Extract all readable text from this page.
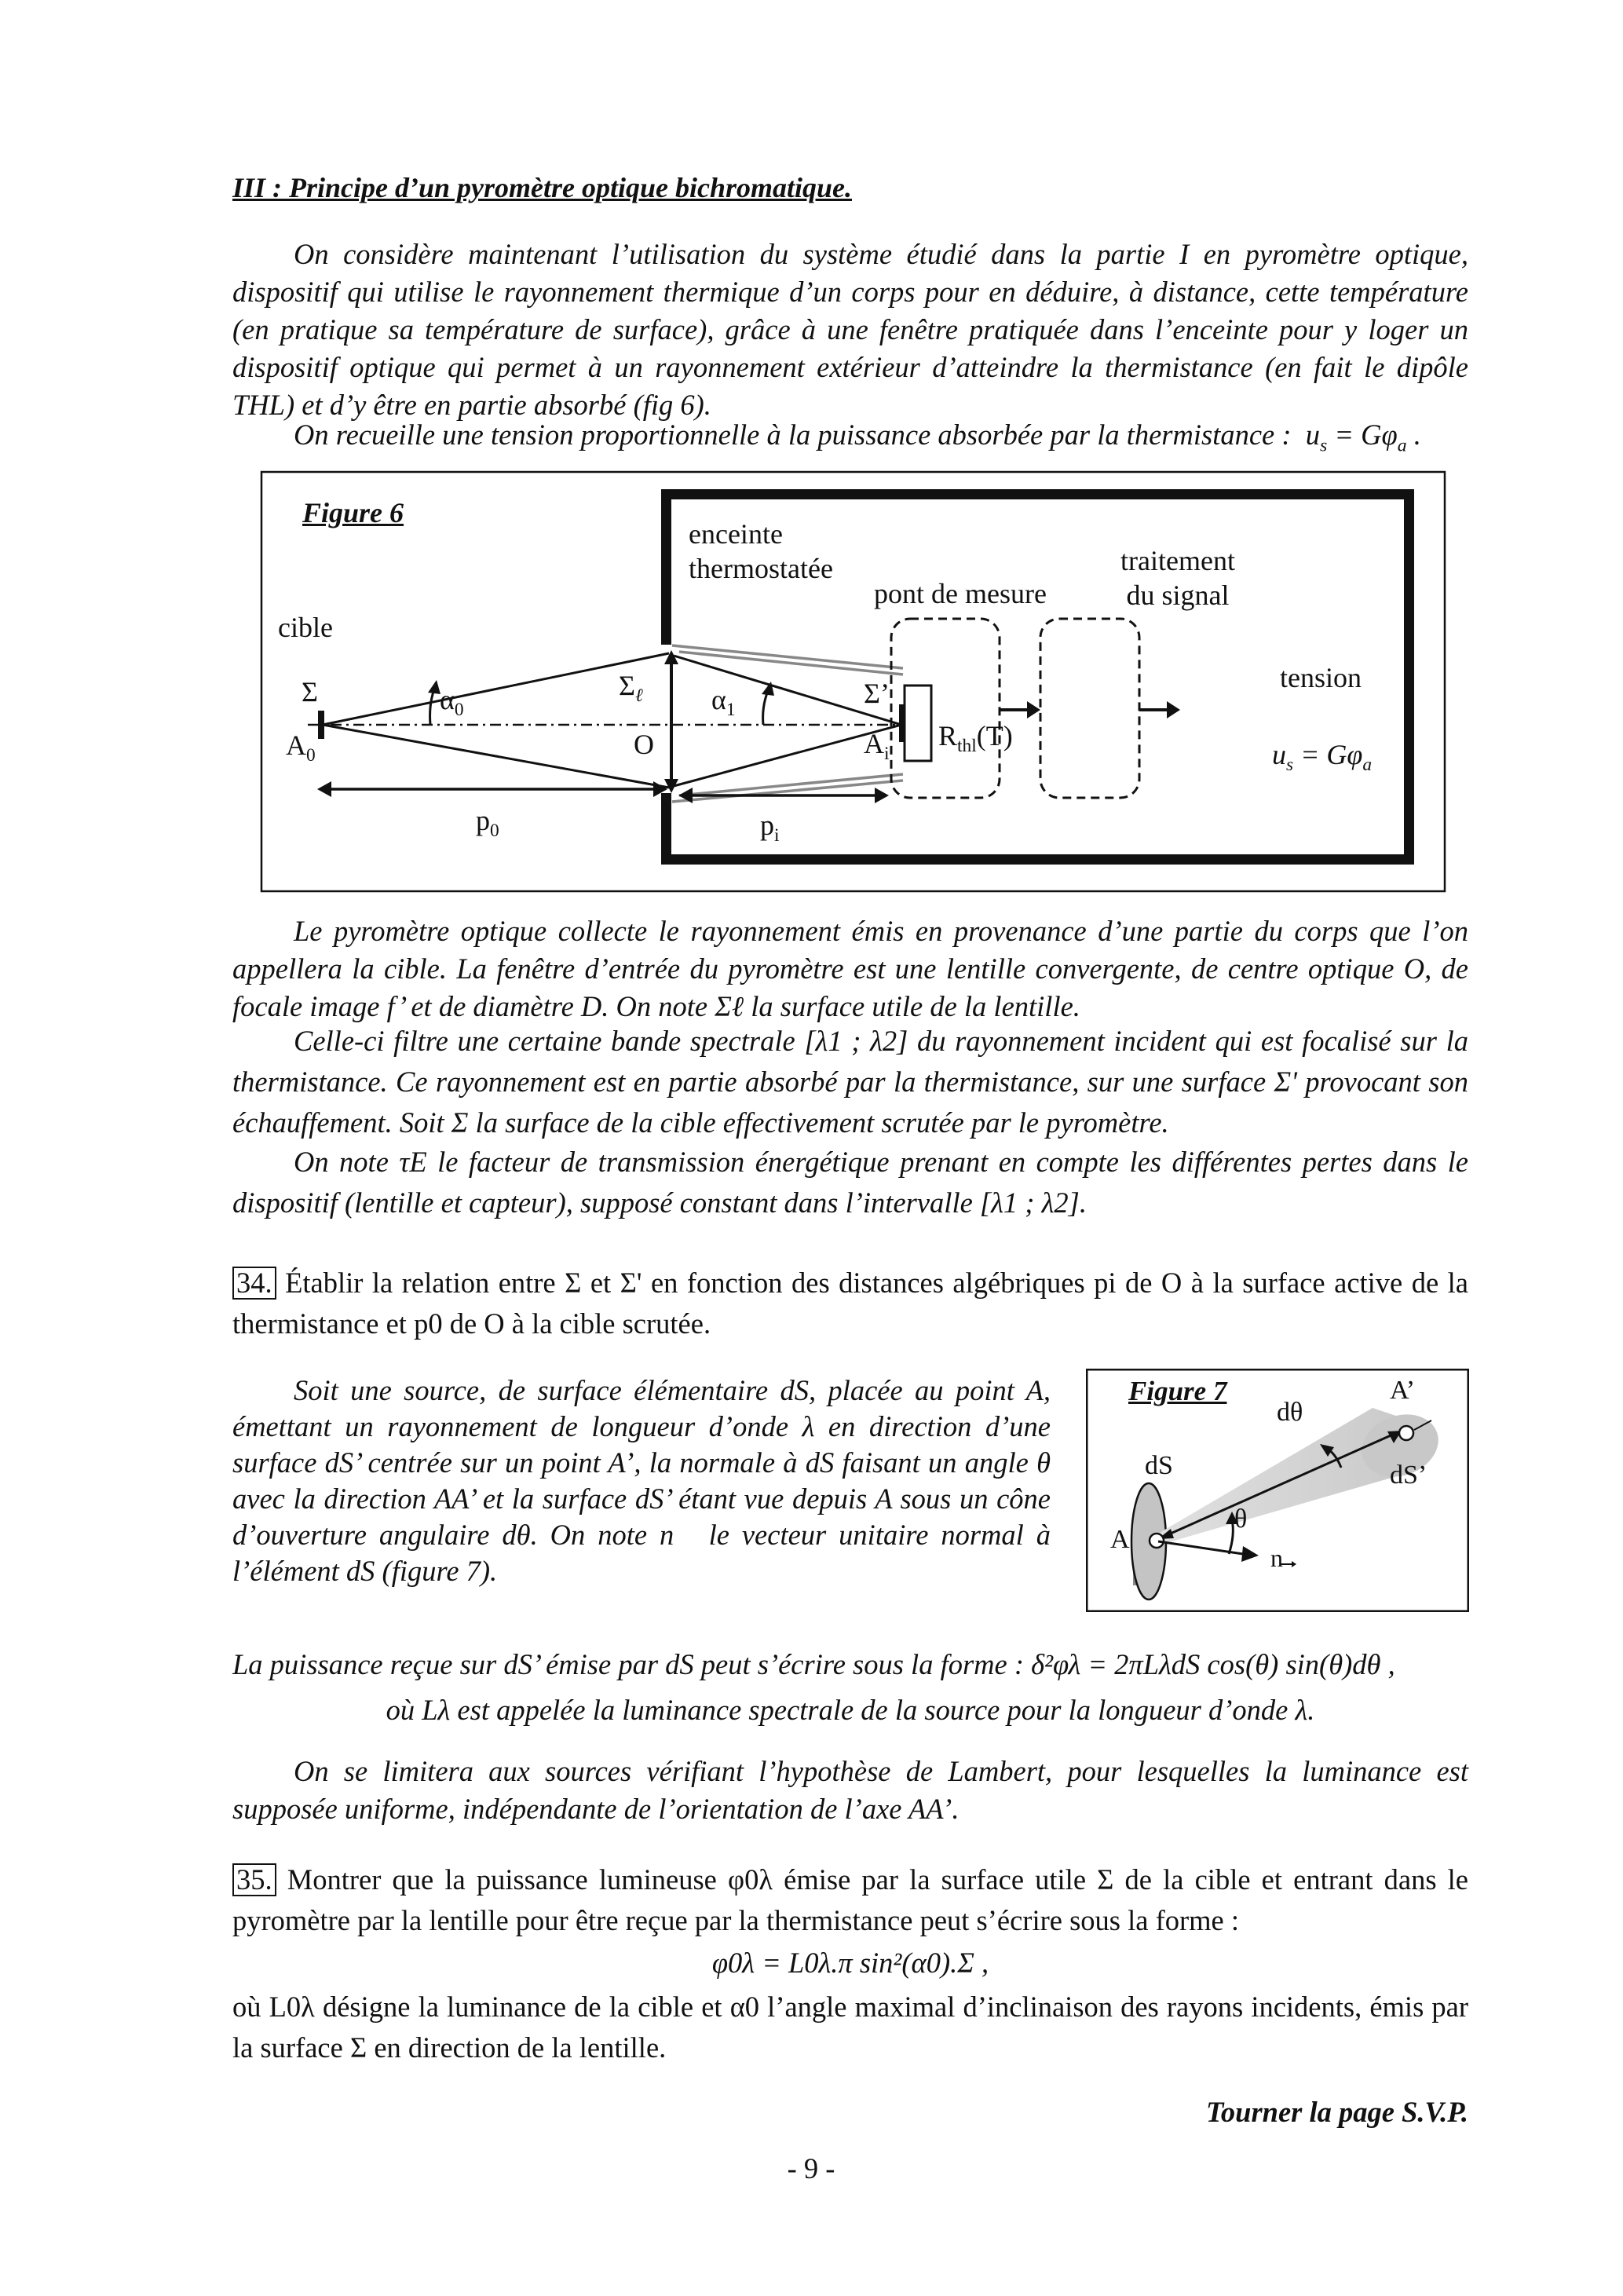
III : Principe d’un pyromètre optique bichromatique.
On considère maintenant l’utilisation du système étudié dans la partie I en pyromètre optique, dispositif qui utilise le rayonnement thermique d’un corps pour en déduire, à distance, cette température (en pratique sa température de surface), grâce à une fenêtre pratiquée dans l’enceinte pour y loger un dispositif optique qui permet à un rayonnement extérieur d’atteindre la thermistance (en fait le dipôle THL) et d’y être en partie absorbé (fig 6).
On recueille une tension proportionnelle à la puissance absorbée par la thermistance : $u_s = G\varphi_a$ .
Figure 6
enceinte
thermostatée
pont de mesure
traitement
du signal
cible
Σ
$A_0$
$\alpha_0$
$\Sigma_\ell$ $\alpha_1$
O
Σ’
$A_i$
$R_{thl}(T)$
tension
$u_s = G\varphi_a$
$p_0$	$p_i$
Le pyromètre optique collecte le rayonnement émis en provenance d’une partie du corps que l’on appellera la cible. La fenêtre d’entrée du pyromètre est une lentille convergente, de centre optique O, de focale image f’ et de diamètre D. On note Σℓ la surface utile de la lentille.
Celle-ci filtre une certaine bande spectrale [λ1 ; λ2] du rayonnement incident qui est focalisé sur la thermistance. Ce rayonnement est en partie absorbé par la thermistance, sur une surface Σ' provocant son échauffement. Soit Σ la surface de la cible effectivement scrutée par le pyromètre.
On note τE le facteur de transmission énergétique prenant en compte les différentes pertes dans le dispositif (lentille et capteur), supposé constant dans l’intervalle [λ1 ; λ2].
34. Établir la relation entre Σ et Σ' en fonction des distances algébriques pi de O à la surface active de la thermistance et p0 de O à la cible scrutée.
Soit une source, de surface élémentaire dS, placée au point A, émettant un rayonnement de longueur d’onde λ en direction d’une surface dS’ centrée sur un point A’, la normale à dS faisant un angle θ avec la direction AA’ et la surface dS’ étant vue depuis A sous un cône d’ouverture angulaire dθ. On note n⃗ le vecteur unitaire normal à l’élément dS (figure 7).
Figure 7
dθ
A’
dS	dS’
θ
A
n
La puissance reçue sur dS’ émise par dS peut s’écrire sous la forme : δ²φλ = 2πLλdS cos(θ) sin(θ)dθ ,
où Lλ est appelée la luminance spectrale de la source pour la longueur d’onde λ.
On se limitera aux sources vérifiant l’hypothèse de Lambert, pour lesquelles la luminance est supposée uniforme, indépendante de l’orientation de l’axe AA’.
35. Montrer que la puissance lumineuse φ0λ émise par la surface utile Σ de la cible et entrant dans le pyromètre par la lentille pour être reçue par la thermistance peut s’écrire sous la forme :
φ0λ = L0λ.π sin²(α0).Σ ,
où L0λ désigne la luminance de la cible et α0 l’angle maximal d’inclinaison des rayons incidents, émis par la surface Σ en direction de la lentille.
Tourner la page S.V.P.
- 9 -
